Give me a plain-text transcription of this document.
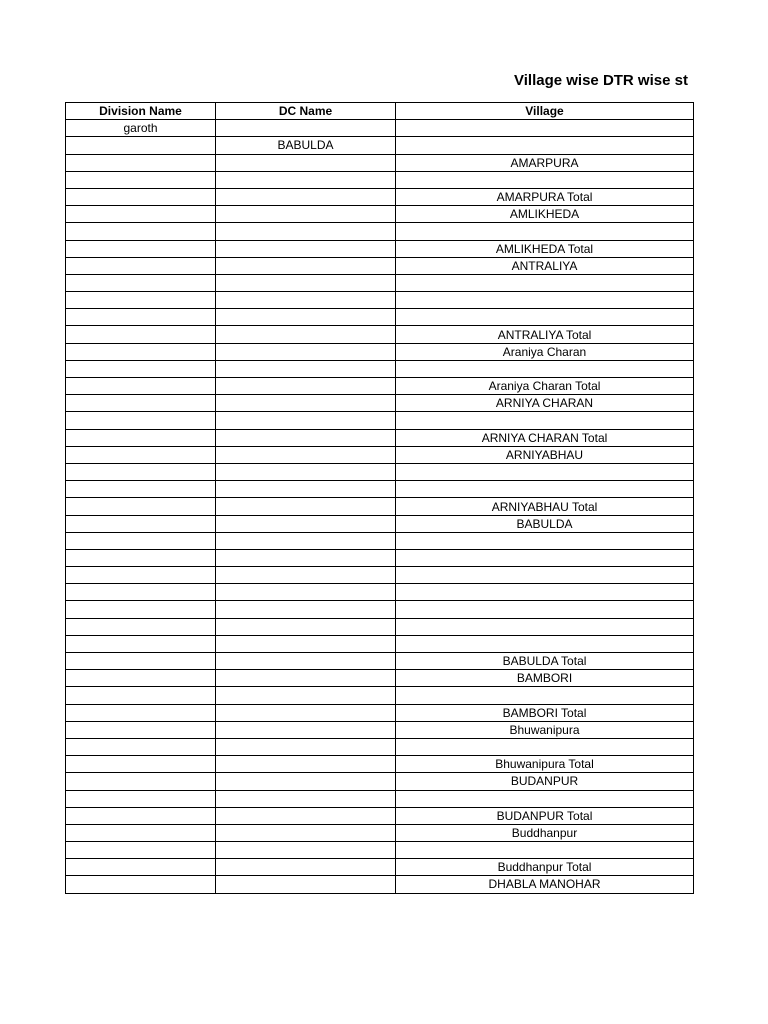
Village wise DTR wise st
Division Name	DC Name	Village
garoth		
	BABULDA	
		AMARPURA

		AMARPURA Total
		AMLIKHEDA

		AMLIKHEDA Total
		ANTRALIYA

		ANTRALIYA Total
		Araniya Charan

		Araniya Charan Total
		ARNIYA CHARAN

		ARNIYA CHARAN Total
		ARNIYABHAU

		ARNIYABHAU Total
		BABULDA

		BABULDA Total
		BAMBORI

		BAMBORI Total
		Bhuwanipura

		Bhuwanipura Total
		BUDANPUR

		BUDANPUR Total
		Buddhanpur

		Buddhanpur Total
		DHABLA MANOHAR
